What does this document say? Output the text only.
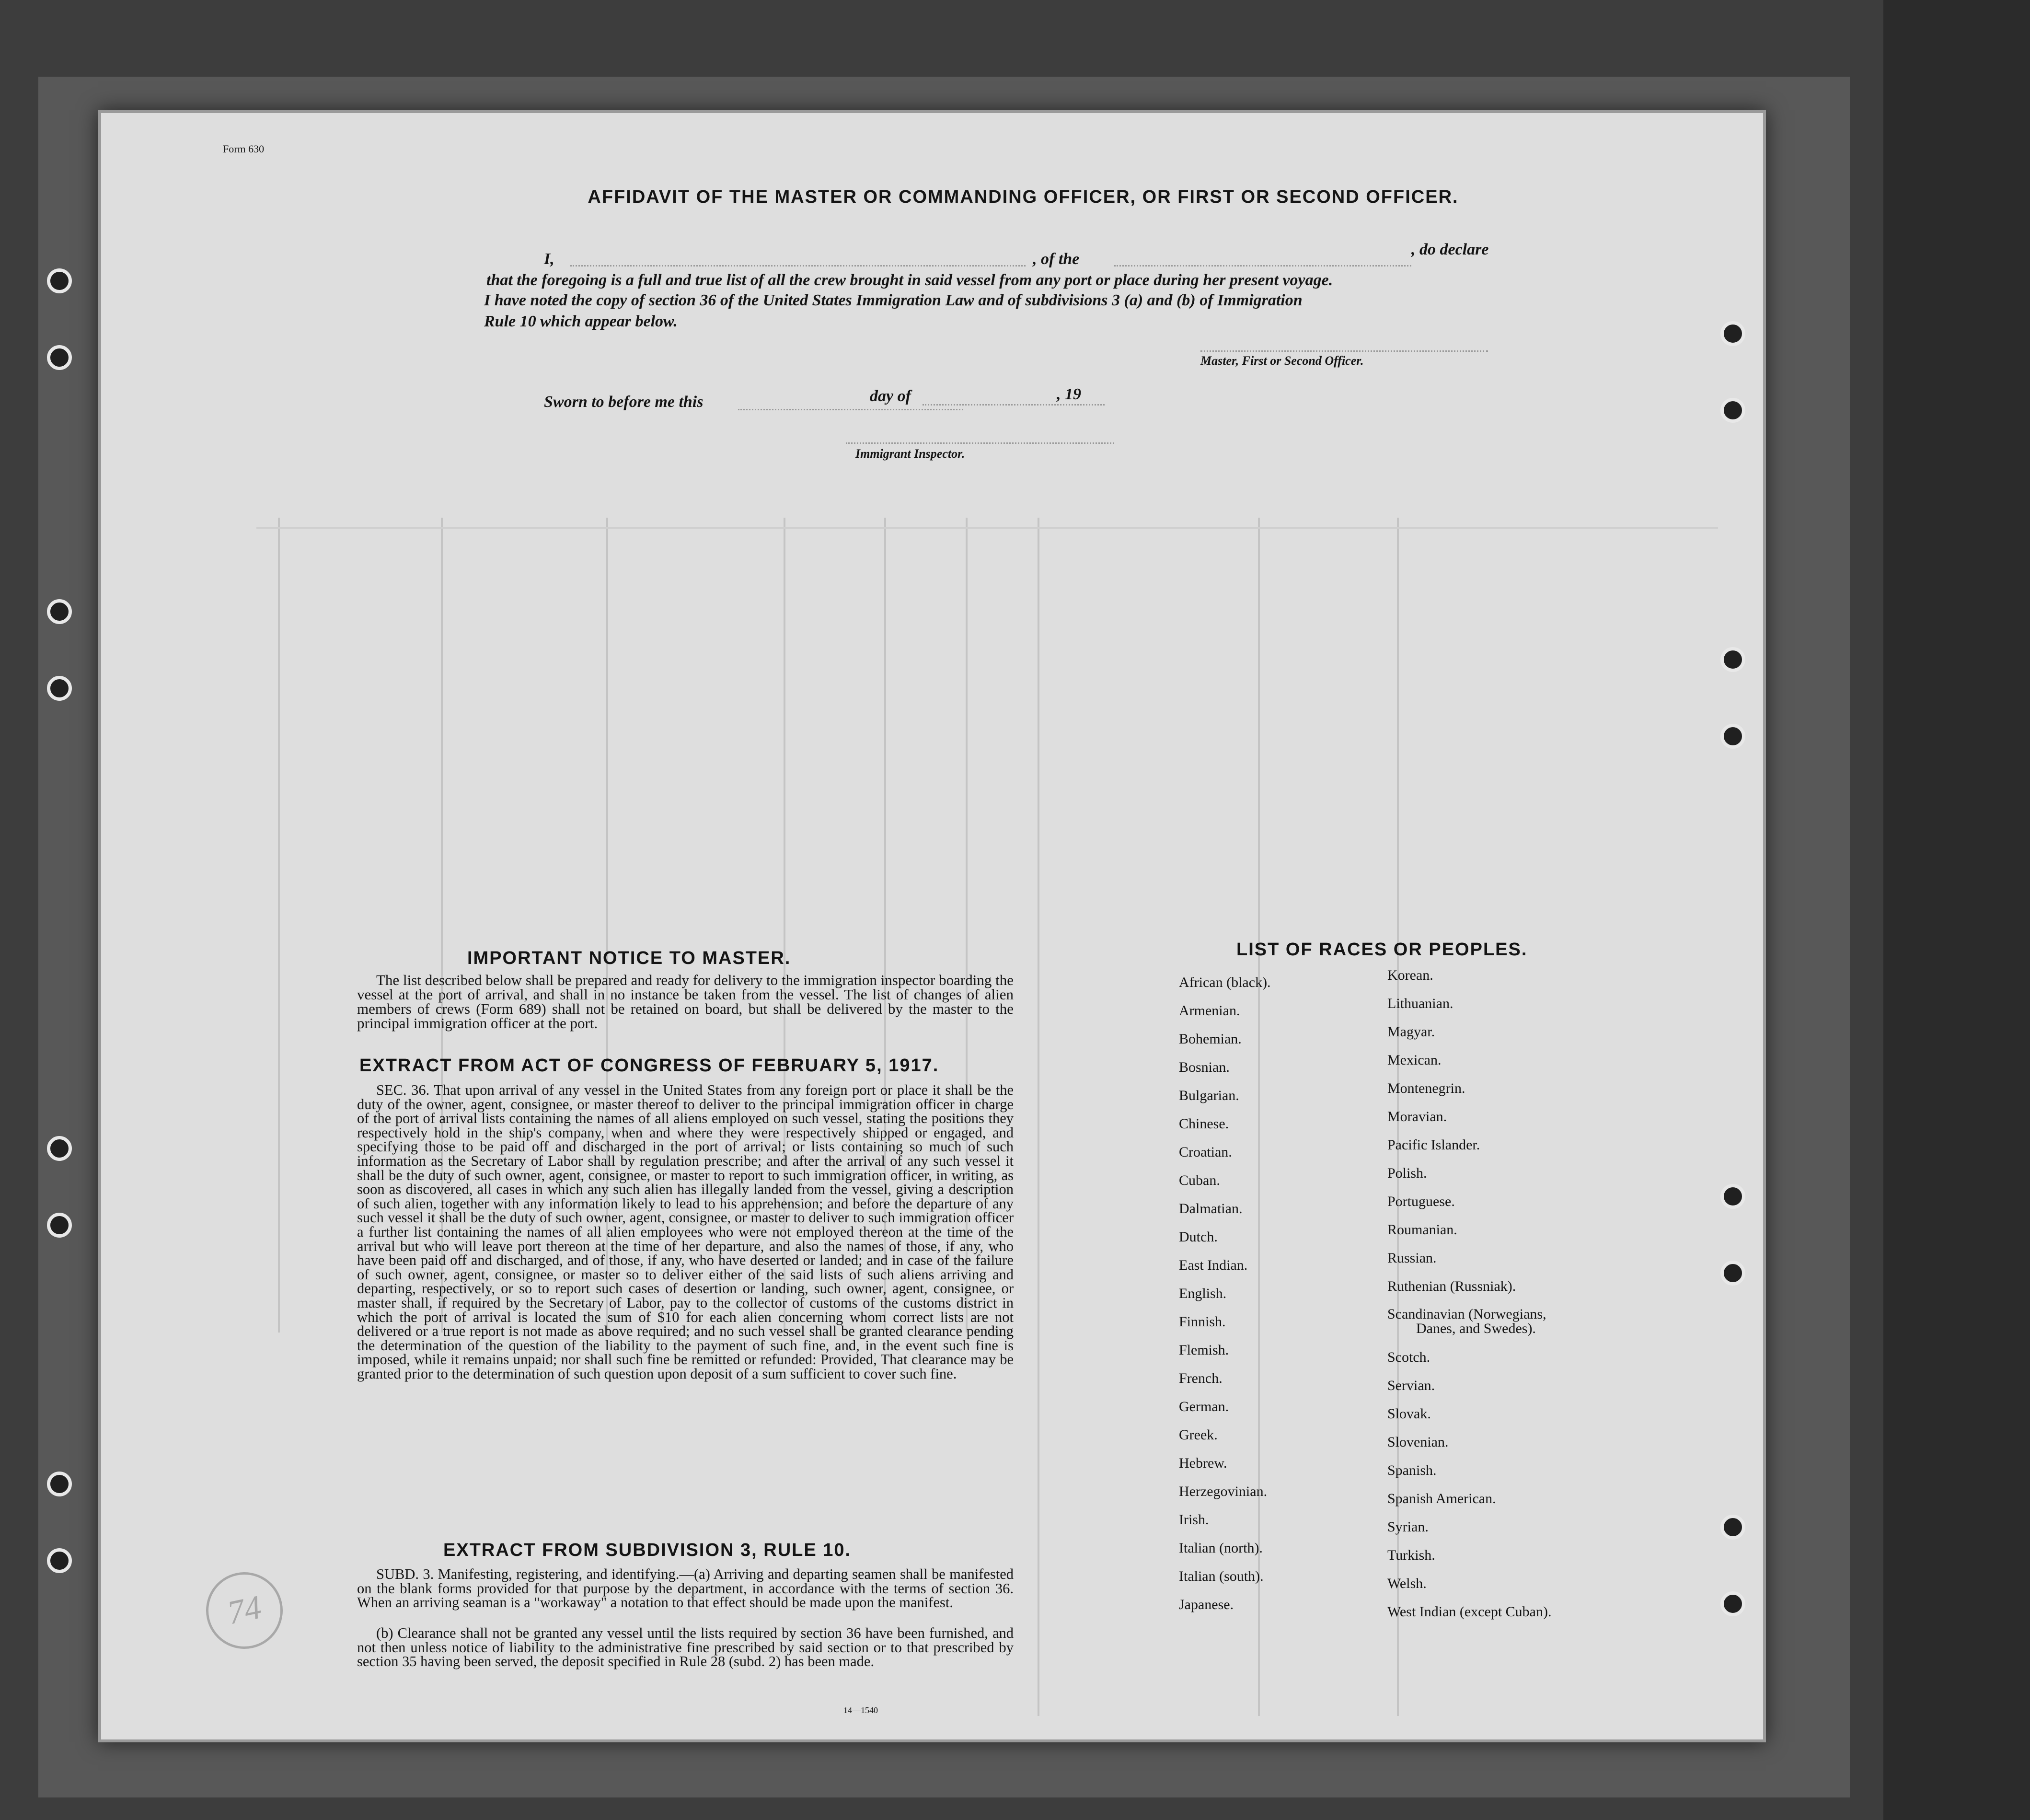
Form 630
AFFIDAVIT OF THE MASTER OR COMMANDING OFFICER, OR FIRST OR SECOND OFFICER.
I,	, of the
, do declare
that the foregoing is a full and true list of all the crew brought in said vessel from any port or place during her present voyage.
I have noted the copy of section 36 of the United States Immigration Law and of subdivisions 3 (a) and (b) of Immigration
Rule 10 which appear below.
Master, First or Second Officer.
Sworn to before me this	day of	, 19
Immigrant Inspector.
IMPORTANT NOTICE TO MASTER.
The list described below shall be prepared and ready for delivery to the immigration inspector boarding the vessel at the port of arrival, and shall in no instance be taken from the vessel. The list of changes of alien members of crews (Form 689) shall not be retained on board, but shall be delivered by the master to the principal immigration officer at the port.
EXTRACT FROM ACT OF CONGRESS OF FEBRUARY 5, 1917.
SEC. 36. That upon arrival of any vessel in the United States from any foreign port or place it shall be the duty of the owner, agent, consignee, or master thereof to deliver to the principal immigration officer in charge of the port of arrival lists containing the names of all aliens employed on such vessel, stating the positions they respectively hold in the ship's company, when and where they were respectively shipped or engaged, and specifying those to be paid off and discharged in the port of arrival; or lists containing so much of such information as the Secretary of Labor shall by regulation prescribe; and after the arrival of any such vessel it shall be the duty of such owner, agent, consignee, or master to report to such immigration officer, in writing, as soon as discovered, all cases in which any such alien has illegally landed from the vessel, giving a description of such alien, together with any information likely to lead to his apprehension; and before the departure of any such vessel it shall be the duty of such owner, agent, consignee, or master to deliver to such immigration officer a further list containing the names of all alien employees who were not employed thereon at the time of the arrival but who will leave port thereon at the time of her departure, and also the names of those, if any, who have been paid off and discharged, and of those, if any, who have deserted or landed; and in case of the failure of such owner, agent, consignee, or master so to deliver either of the said lists of such aliens arriving and departing, respectively, or so to report such cases of desertion or landing, such owner, agent, consignee, or master shall, if required by the Secretary of Labor, pay to the collector of customs of the customs district in which the port of arrival is located the sum of $10 for each alien concerning whom correct lists are not delivered or a true report is not made as above required; and no such vessel shall be granted clearance pending the determination of the question of the liability to the payment of such fine, and, in the event such fine is imposed, while it remains unpaid; nor shall such fine be remitted or refunded: Provided, That clearance may be granted prior to the determination of such question upon deposit of a sum sufficient to cover such fine.
EXTRACT FROM SUBDIVISION 3, RULE 10.
SUBD. 3. Manifesting, registering, and identifying.—(a) Arriving and departing seamen shall be manifested on the blank forms provided for that purpose by the department, in accordance with the terms of section 36. When an arriving seaman is a "workaway" a notation to that effect should be made upon the manifest.
(b) Clearance shall not be granted any vessel until the lists required by section 36 have been furnished, and not then unless notice of liability to the administrative fine prescribed by said section or to that prescribed by section 35 having been served, the deposit specified in Rule 28 (subd. 2) has been made.
14—1540
LIST OF RACES OR PEOPLES.
African (black).
Armenian.
Bohemian.
Bosnian.
Bulgarian.
Chinese.
Croatian.
Cuban.
Dalmatian.
Dutch.
East Indian.
English.
Finnish.
Flemish.
French.
German.
Greek.
Hebrew.
Herzegovinian.
Irish.
Italian (north).
Italian (south).
Japanese.
Korean.
Lithuanian.
Magyar.
Mexican.
Montenegrin.
Moravian.
Pacific Islander.
Polish.
Portuguese.
Roumanian.
Russian.
Ruthenian (Russniak).
Scandinavian (Norwegians,
Danes, and Swedes).
Scotch.
Servian.
Slovak.
Slovenian.
Spanish.
Spanish American.
Syrian.
Turkish.
Welsh.
West Indian (except Cuban).
74
